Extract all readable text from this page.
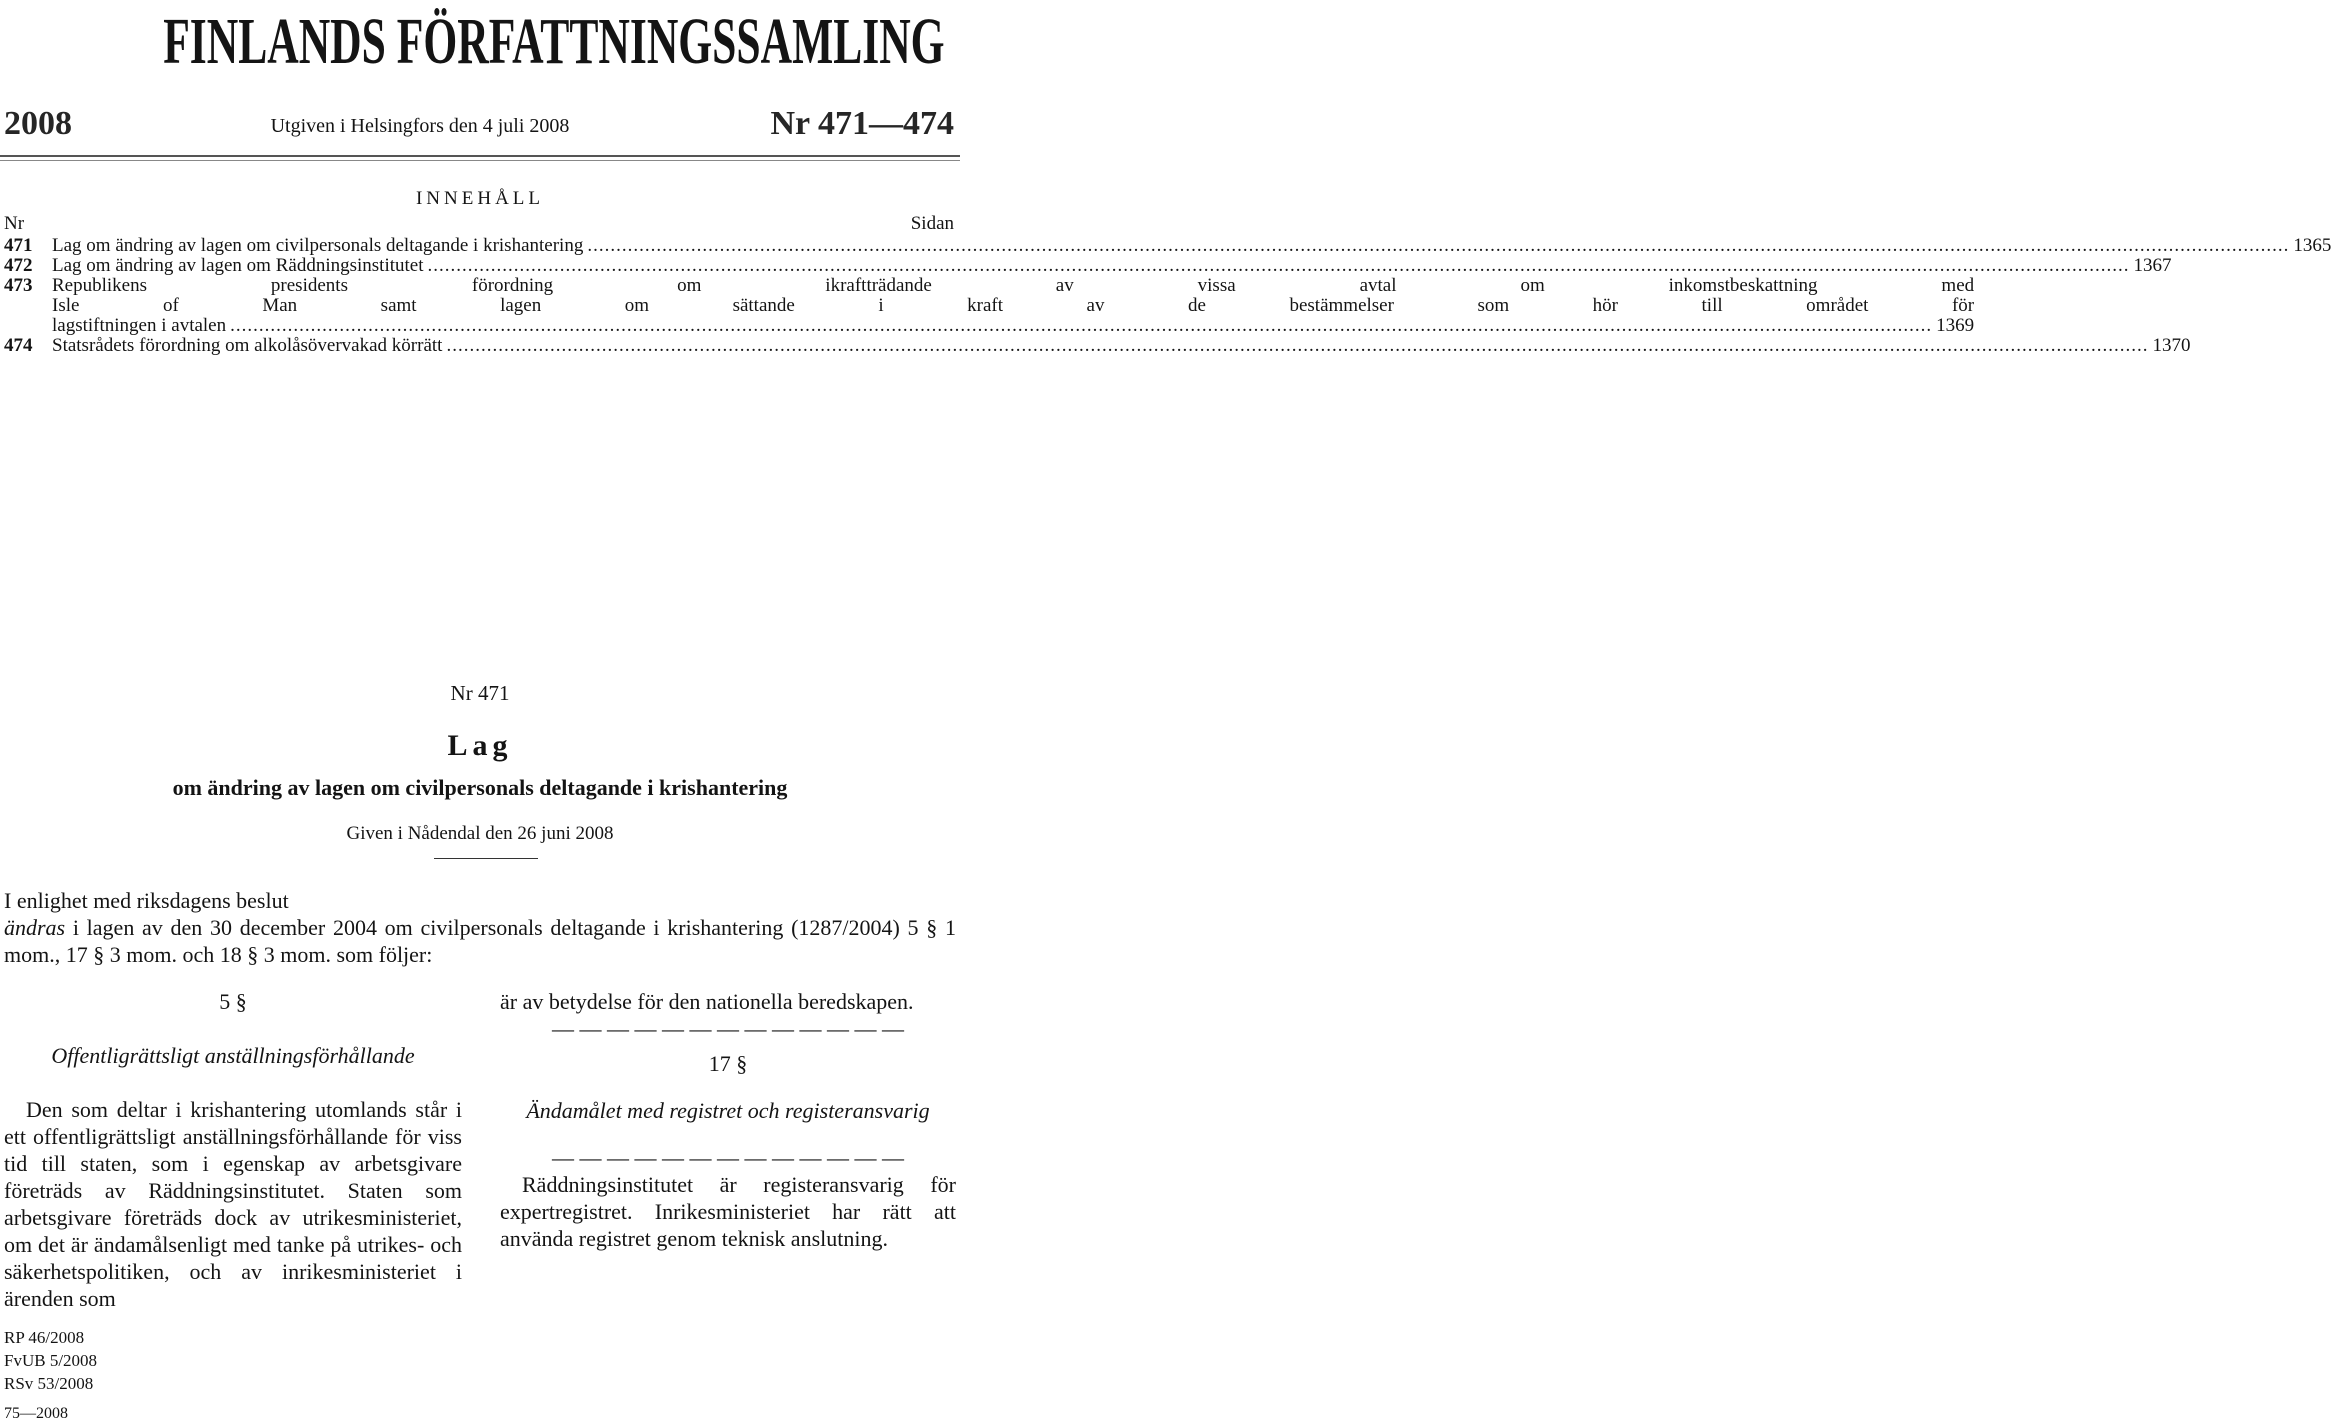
FINLANDS FÖRFATTNINGSSAMLING
2008	Utgiven i Helsingfors den 4 juli 2008	Nr 471—474
INNEHÅLL
Nr	Sidan
471	Lag om ändring av lagen om civilpersonals deltagande i krishantering .....	1365
472	Lag om ändring av lagen om Räddningsinstitutet .....	1367
473	Republikens presidents förordning om ikraftträdande av vissa avtal om inkomstbeskattning med
Isle of Man samt lagen om sättande i kraft av de bestämmelser som hör till området för
lagstiftningen i avtalen .....	1369
474	Statsrådets förordning om alkolåsövervakad körrätt .....	1370
Nr 471
Lag
om ändring av lagen om civilpersonals deltagande i krishantering
Given i Nådendal den 26 juni 2008
I enlighet med riksdagens beslut
ändras i lagen av den 30 december 2004 om civilpersonals deltagande i krishantering (1287/2004) 5 § 1 mom., 17 § 3 mom. och 18 § 3 mom. som följer:
5 §
Offentligrättsligt anställningsförhållande
Den som deltar i krishantering utomlands står i ett offentligrättsligt anställningsförhållande för viss tid till staten, som i egenskap av arbetsgivare företräds av Räddningsinstitutet. Staten som arbetsgivare företräds dock av utrikesministeriet, om det är ändamålsenligt med tanke på utrikes- och säkerhetspolitiken, och av inrikesministeriet i ärenden som
är av betydelse för den nationella beredskapen.
— — — — — — — — — — — — —
17 §
Ändamålet med registret och registeransvarig
— — — — — — — — — — — — —
Räddningsinstitutet är registeransvarig för expertregistret. Inrikesministeriet har rätt att använda registret genom teknisk anslutning.
RP 46/2008
FvUB 5/2008
RSv 53/2008
75—2008
